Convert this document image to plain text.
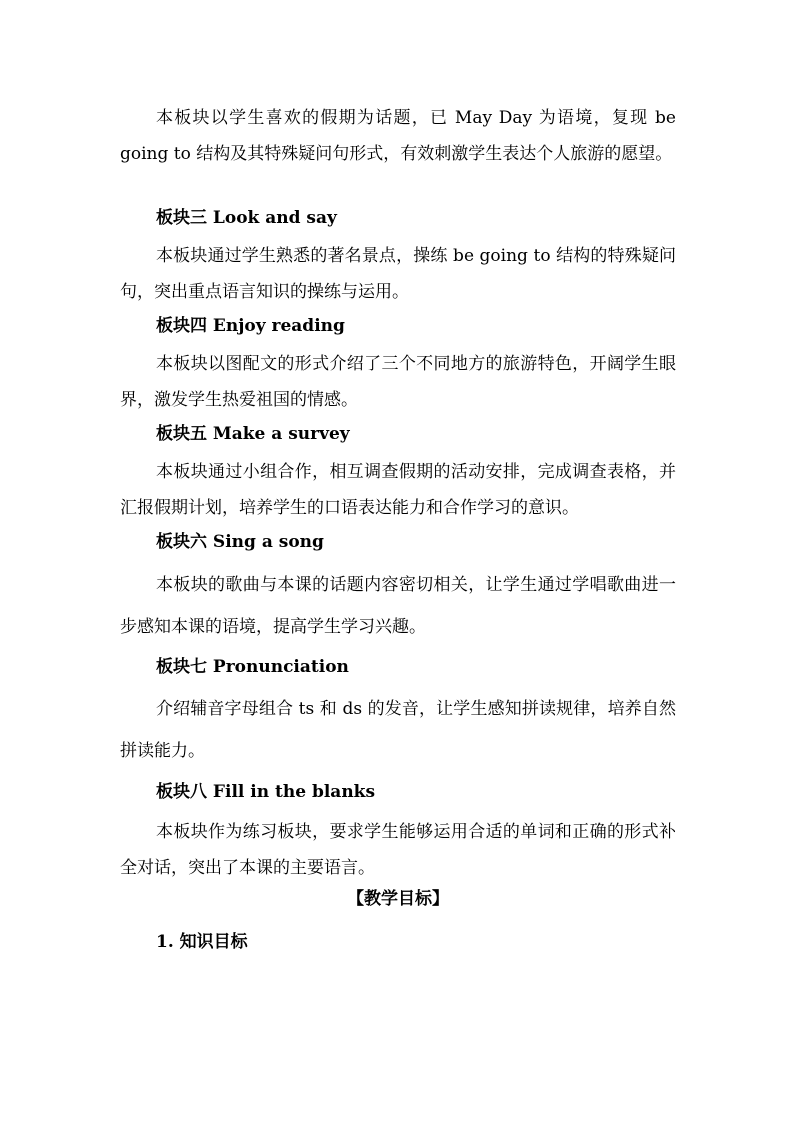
本板块以学生喜欢的假期为话题，已 May Day 为语境，复现 be going to 结构及其特殊疑问句形式，有效刺激学生表达个人旅游的愿望。

板块三 Look and say

本板块通过学生熟悉的著名景点，操练 be going to 结构的特殊疑问句，突出重点语言知识的操练与运用。

板块四 Enjoy reading

本板块以图配文的形式介绍了三个不同地方的旅游特色，开阔学生眼界，激发学生热爱祖国的情感。

板块五 Make a survey

本板块通过小组合作，相互调查假期的活动安排，完成调查表格，并汇报假期计划，培养学生的口语表达能力和合作学习的意识。

板块六 Sing a song

本板块的歌曲与本课的话题内容密切相关，让学生通过学唱歌曲进一步感知本课的语境，提高学生学习兴趣。

板块七 Pronunciation

介绍辅音字母组合 ts 和 ds 的发音，让学生感知拼读规律，培养自然拼读能力。

板块八 Fill in the blanks

本板块作为练习板块，要求学生能够运用合适的单词和正确的形式补全对话，突出了本课的主要语言。

【教学目标】
1. 知识目标
